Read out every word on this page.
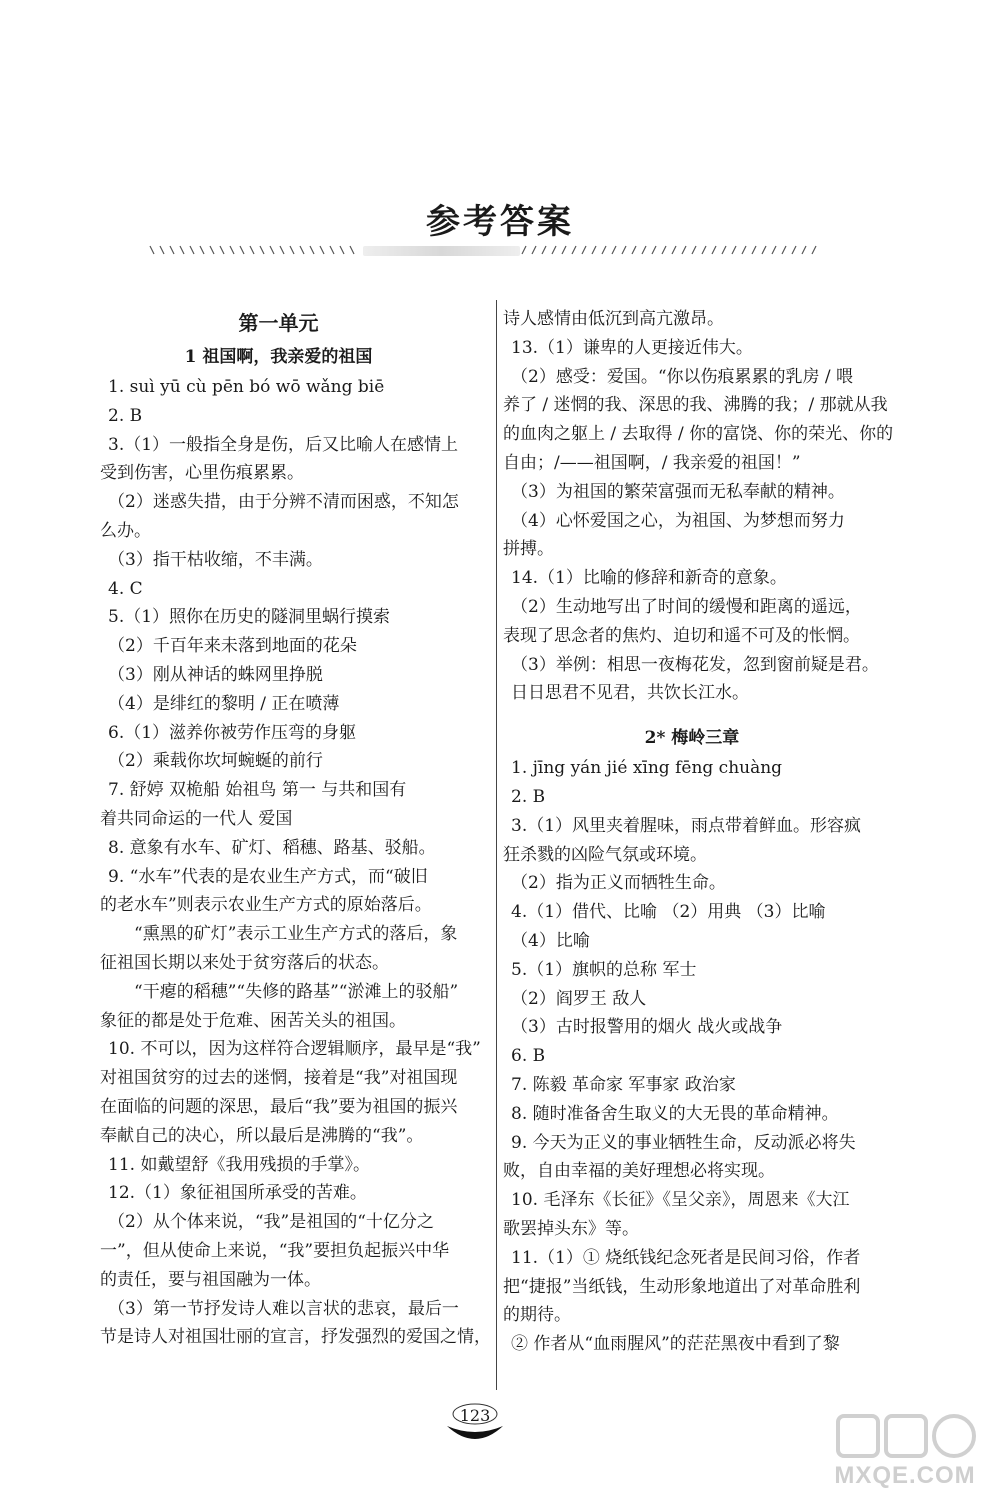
参考答案
第一单元
1 祖国啊，我亲爱的祖国
1. suì yū cù pēn bó wō wǎng biē
2. B
3.（1）一般指全身是伤，后又比喻人在感情上
受到伤害，心里伤痕累累。
（2）迷惑失措，由于分辨不清而困惑，不知怎
么办。
（3）指干枯收缩，不丰满。
4. C
5.（1）照你在历史的隧洞里蜗行摸索
（2）千百年来未落到地面的花朵
（3）刚从神话的蛛网里挣脱
（4）是绯红的黎明 / 正在喷薄
6.（1）滋养你被劳作压弯的身躯
（2）乘载你坎坷蜿蜒的前行
7. 舒婷 双桅船 始祖鸟 第一 与共和国有
着共同命运的一代人 爱国
8. 意象有水车、矿灯、稻穗、路基、驳船。
9. “水车”代表的是农业生产方式，而“破旧
的老水车”则表示农业生产方式的原始落后。
“熏黑的矿灯”表示工业生产方式的落后，象
征祖国长期以来处于贫穷落后的状态。
“干瘪的稻穗”“失修的路基”“淤滩上的驳船”
象征的都是处于危难、困苦关头的祖国。
10. 不可以，因为这样符合逻辑顺序，最早是“我”
对祖国贫穷的过去的迷惘，接着是“我”对祖国现
在面临的问题的深思，最后“我”要为祖国的振兴
奉献自己的决心，所以最后是沸腾的“我”。
11. 如戴望舒《我用残损的手掌》。
12.（1）象征祖国所承受的苦难。
（2）从个体来说，“我”是祖国的“十亿分之
一”，但从使命上来说，“我”要担负起振兴中华
的责任，要与祖国融为一体。
（3）第一节抒发诗人难以言状的悲哀，最后一
节是诗人对祖国壮丽的宣言，抒发强烈的爱国之情，
诗人感情由低沉到高亢激昂。
13.（1）谦卑的人更接近伟大。
（2）感受：爱国。“你以伤痕累累的乳房 / 喂
养了 / 迷惘的我、深思的我、沸腾的我；/ 那就从我
的血肉之躯上 / 去取得 / 你的富饶、你的荣光、你的
自由；/——祖国啊，/ 我亲爱的祖国！”
（3）为祖国的繁荣富强而无私奉献的精神。
（4）心怀爱国之心，为祖国、为梦想而努力
拼搏。
14.（1）比喻的修辞和新奇的意象。
（2）生动地写出了时间的缓慢和距离的遥远，
表现了思念者的焦灼、迫切和遥不可及的怅惘。
（3）举例：相思一夜梅花发，忽到窗前疑是君。
日日思君不见君，共饮长江水。
2* 梅岭三章
1. jīng yán jié xīng fēng chuàng
2. B
3.（1）风里夹着腥味，雨点带着鲜血。形容疯
狂杀戮的凶险气氛或环境。
（2）指为正义而牺牲生命。
4.（1）借代、比喻 （2）用典 （3）比喻
（4）比喻
5.（1）旗帜的总称 军士
（2）阎罗王 敌人
（3）古时报警用的烟火 战火或战争
6. B
7. 陈毅 革命家 军事家 政治家
8. 随时准备舍生取义的大无畏的革命精神。
9. 今天为正义的事业牺牲生命，反动派必将失
败，自由幸福的美好理想必将实现。
10. 毛泽东《长征》《呈父亲》，周恩来《大江
歌罢掉头东》等。
11.（1）① 烧纸钱纪念死者是民间习俗，作者
把“捷报”当纸钱，生动形象地道出了对革命胜利
的期待。
② 作者从“血雨腥风”的茫茫黑夜中看到了黎
123
MXQE.COM
